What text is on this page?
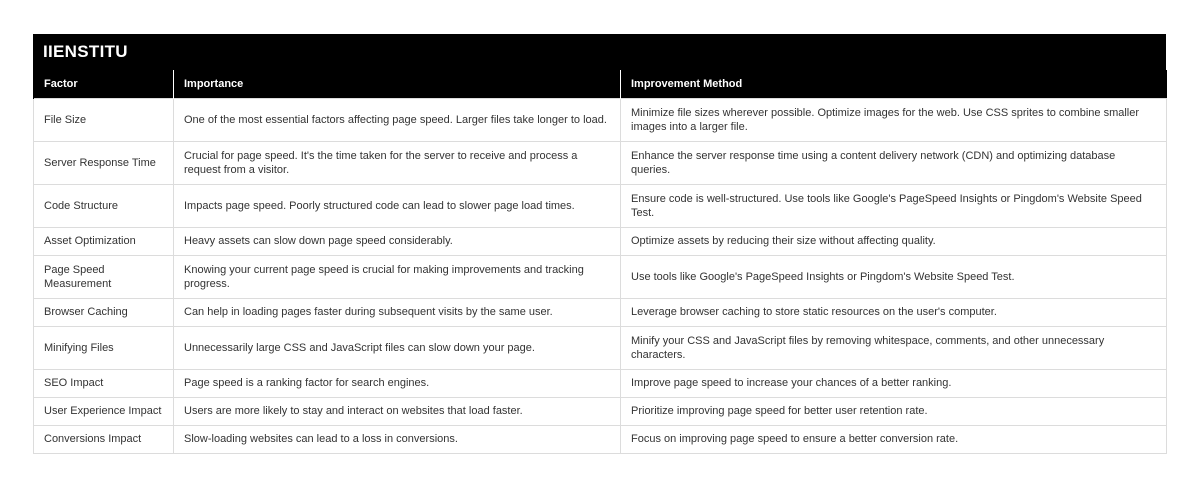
IIENSTITU
Factor	Importance	Improvement Method
File Size	One of the most essential factors affecting page speed. Larger files take longer to load.	Minimize file sizes wherever possible. Optimize images for the web. Use CSS sprites to combine smaller images into a larger file.
Server Response Time	Crucial for page speed. It's the time taken for the server to receive and process a request from a visitor.	Enhance the server response time using a content delivery network (CDN) and optimizing database queries.
Code Structure	Impacts page speed. Poorly structured code can lead to slower page load times.	Ensure code is well-structured. Use tools like Google's PageSpeed Insights or Pingdom's Website Speed Test.
Asset Optimization	Heavy assets can slow down page speed considerably.	Optimize assets by reducing their size without affecting quality.
Page Speed Measurement	Knowing your current page speed is crucial for making improvements and tracking progress.	Use tools like Google's PageSpeed Insights or Pingdom's Website Speed Test.
Browser Caching	Can help in loading pages faster during subsequent visits by the same user.	Leverage browser caching to store static resources on the user's computer.
Minifying Files	Unnecessarily large CSS and JavaScript files can slow down your page.	Minify your CSS and JavaScript files by removing whitespace, comments, and other unnecessary characters.
SEO Impact	Page speed is a ranking factor for search engines.	Improve page speed to increase your chances of a better ranking.
User Experience Impact	Users are more likely to stay and interact on websites that load faster.	Prioritize improving page speed for better user retention rate.
Conversions Impact	Slow-loading websites can lead to a loss in conversions.	Focus on improving page speed to ensure a better conversion rate.
